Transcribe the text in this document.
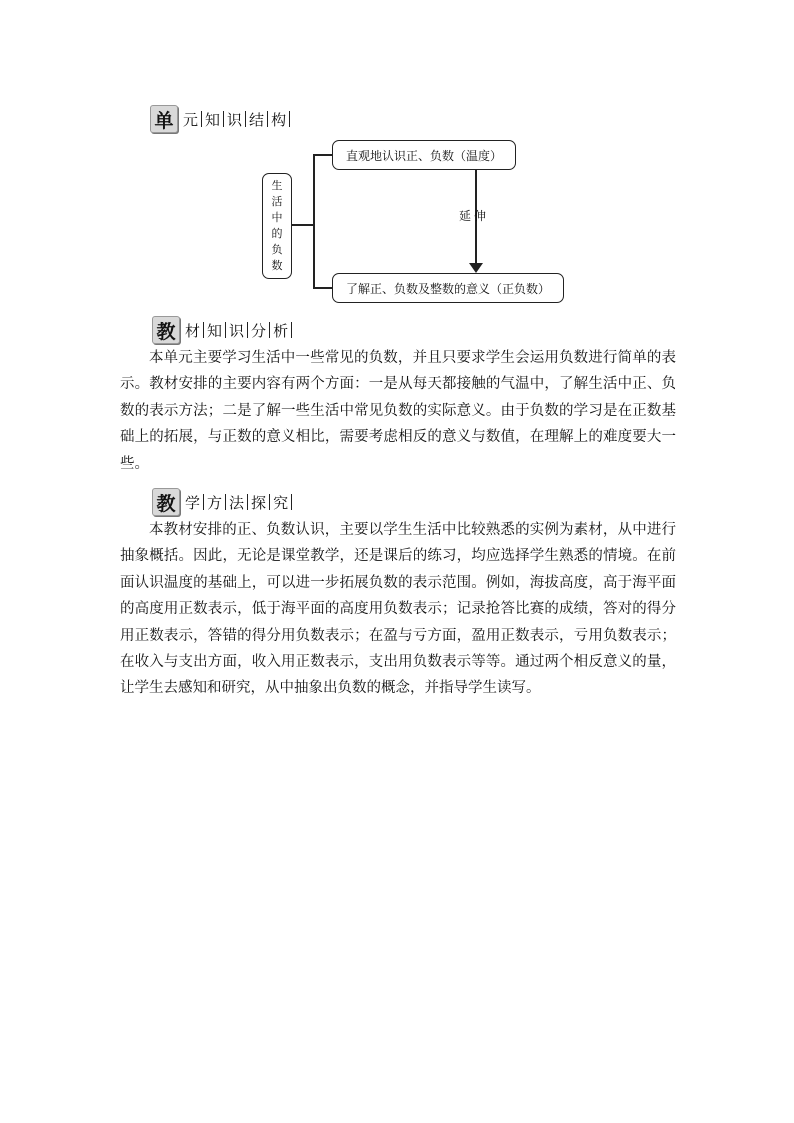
单 元 知 识 结 构
生
活
中
的
负
数
直观地认识正、负数（温度）
了解正、负数及整数的意义（正负数）
延伸
教 材 知 识 分 析

本单元主要学习生活中一些常见的负数，并且只要求学生会运用负数进行简单的表示。教材安排的主要内容有两个方面：一是从每天都接触的气温中，了解生活中正、负数的表示方法；二是了解一些生活中常见负数的实际意义。由于负数的学习是在正数基础上的拓展，与正数的意义相比，需要考虑相反的意义与数值，在理解上的难度要大一些。

教 学 方 法 探 究

本教材安排的正、负数认识，主要以学生生活中比较熟悉的实例为素材，从中进行抽象概括。因此，无论是课堂教学，还是课后的练习，均应选择学生熟悉的情境。在前面认识温度的基础上，可以进一步拓展负数的表示范围。例如，海拔高度，高于海平面的高度用正数表示，低于海平面的高度用负数表示；记录抢答比赛的成绩，答对的得分用正数表示，答错的得分用负数表示；在盈与亏方面，盈用正数表示，亏用负数表示；在收入与支出方面，收入用正数表示，支出用负数表示等等。通过两个相反意义的量，让学生去感知和研究，从中抽象出负数的概念，并指导学生读写。
